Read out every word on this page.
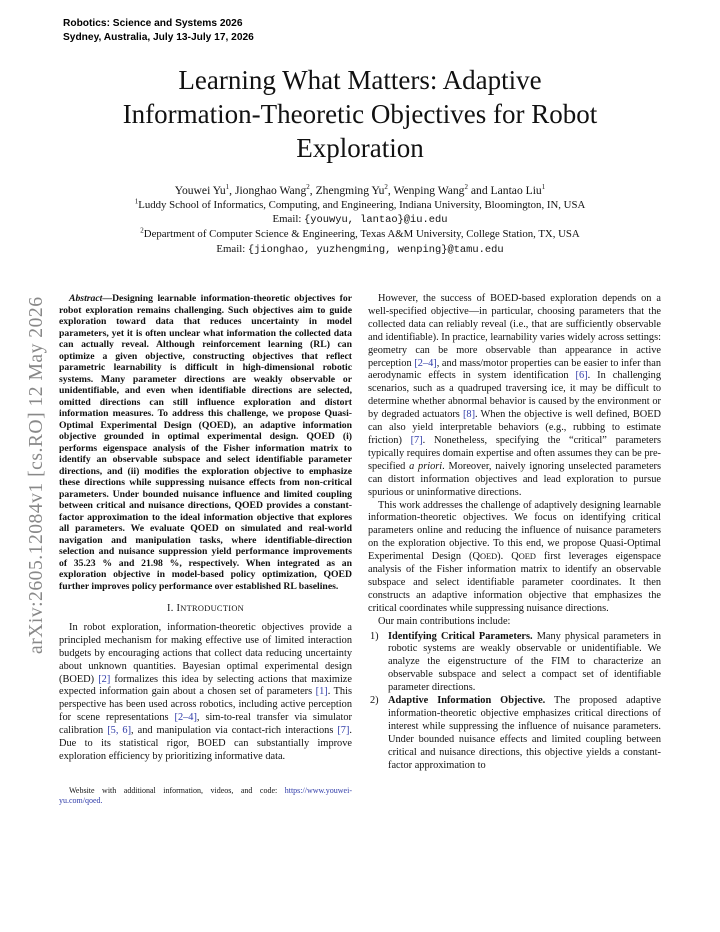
Robotics: Science and Systems 2026
Sydney, Australia, July 13-July 17, 2026
arXiv:2605.12084v1 [cs.RO] 12 May 2026
Learning What Matters: Adaptive
Information-Theoretic Objectives for Robot
Exploration
Youwei Yu$^1$, Jionghao Wang$^2$, Zhengming Yu$^2$, Wenping Wang$^2$ and Lantao Liu$^1$
$^1$Luddy School of Informatics, Computing, and Engineering, Indiana University, Bloomington, IN, USA
Email: {youwyu, lantao}@iu.edu
$^2$Department of Computer Science & Engineering, Texas A&M University, College Station, TX, USA
Email: {jionghao, yuzhengming, wenping}@tamu.edu

Abstract—Designing learnable information-theoretic objectives for robot exploration remains challenging. Such objectives aim to guide exploration toward data that reduces uncertainty in model parameters, yet it is often unclear what information the collected data can actually reveal. Although reinforcement learning (RL) can optimize a given objective, constructing objectives that reflect parametric learnability is difficult in high-dimensional robotic systems. Many parameter directions are weakly observable or unidentifiable, and even when identifiable directions are selected, omitted directions can still influence exploration and distort information measures. To address this challenge, we propose Quasi-Optimal Experimental Design (QOED), an adaptive information objective grounded in optimal experimental design. QOED (i) performs eigenspace analysis of the Fisher information matrix to identify an observable subspace and select identifiable parameter directions, and (ii) modifies the exploration objective to emphasize these directions while suppressing nuisance effects from non-critical parameters. Under bounded nuisance influence and limited coupling between critical and nuisance directions, QOED provides a constant-factor approximation to the ideal information objective that explores all parameters. We evaluate QOED on simulated and real-world navigation and manipulation tasks, where identifiable-direction selection and nuisance suppression yield performance improvements of 35.23 % and 21.98 %, respectively. When integrated as an exploration objective in model-based policy optimization, QOED further improves policy performance over established RL baselines.

I. INTRODUCTION

In robot exploration, information-theoretic objectives provide a principled mechanism for making effective use of limited interaction budgets by encouraging actions that collect data reducing uncertainty about unknown quantities. Bayesian optimal experimental design (BOED) [2] formalizes this idea by selecting actions that maximize expected information gain about a chosen set of parameters [1]. This perspective has been used across robotics, including active perception for scene representations [2–4], sim-to-real transfer via simulator calibration [5, 6], and manipulation via contact-rich interactions [7]. Due to its statistical rigor, BOED can substantially improve exploration efficiency by prioritizing informative data.

Website with additional information, videos, and code: https://www.youwei-yu.com/qoed.

However, the success of BOED-based exploration depends on a well-specified objective—in particular, choosing parameters that the collected data can reliably reveal (i.e., that are sufficiently observable and identifiable). In practice, learnability varies widely across settings: geometry can be more observable than appearance in active perception [2–4], and mass/motor properties can be easier to infer than aerodynamic effects in system identification [6]. In challenging scenarios, such as a quadruped traversing ice, it may be difficult to determine whether abnormal behavior is caused by the environment or by degraded actuators [8]. When the objective is well defined, BOED can also yield interpretable behaviors (e.g., rubbing to estimate friction) [7]. Nonetheless, specifying the “critical” parameters typically requires domain expertise and often assumes they can be pre-specified a priori. Moreover, naively ignoring unselected parameters can distort information objectives and lead exploration to pursue spurious or uninformative directions.

This work addresses the challenge of adaptively designing learnable information-theoretic objectives. We focus on identifying critical parameters online and reducing the influence of nuisance parameters on the exploration objective. To this end, we propose Quasi-Optimal Experimental Design (QOED). QOED first leverages eigenspace analysis of the Fisher information matrix to identify an observable subspace and select identifiable parameter coordinates. It then constructs an adaptive information objective that emphasizes the critical coordinates while suppressing nuisance directions.

Our main contributions include:

1) Identifying Critical Parameters. Many physical parameters in robotic systems are weakly observable or unidentifiable. We analyze the eigenstructure of the FIM to characterize an observable subspace and select a compact set of identifiable parameter directions.
2) Adaptive Information Objective. The proposed adaptive information-theoretic objective emphasizes critical directions of interest while suppressing the influence of nuisance parameters. Under bounded nuisance effects and limited coupling between critical and nuisance directions, this objective yields a constant-factor approximation to
